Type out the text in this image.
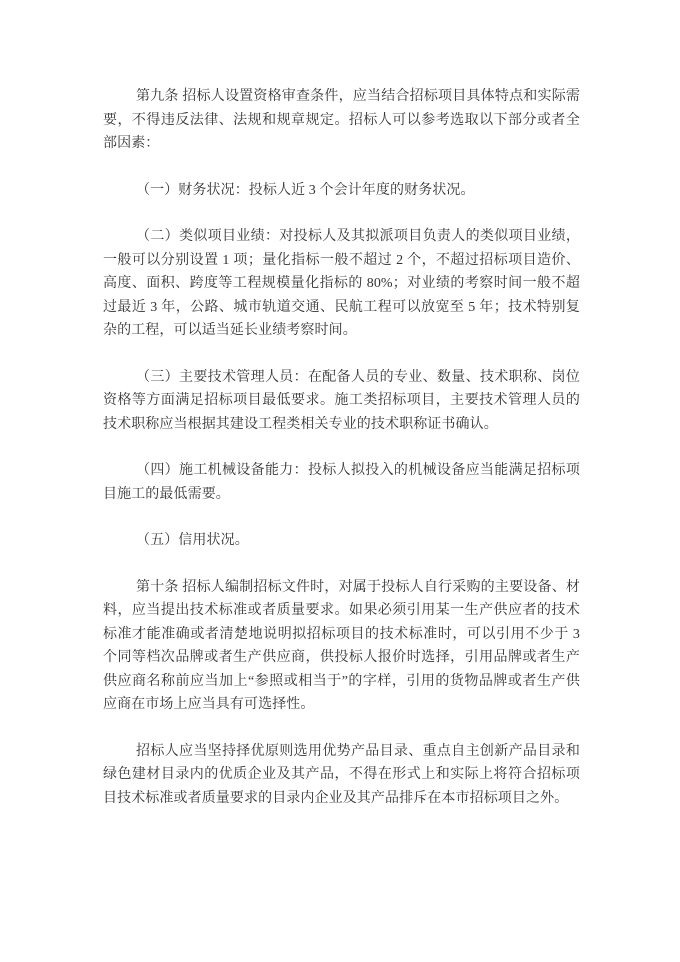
第九条 招标人设置资格审查条件，应当结合招标项目具体特点和实际需要，不得违反法律、法规和规章规定。招标人可以参考选取以下部分或者全部因素：

（一）财务状况：投标人近 3 个会计年度的财务状况。

（二）类似项目业绩：对投标人及其拟派项目负责人的类似项目业绩，一般可以分别设置 1 项；量化指标一般不超过 2 个，不超过招标项目造价、高度、面积、跨度等工程规模量化指标的 80%；对业绩的考察时间一般不超过最近 3 年，公路、城市轨道交通、民航工程可以放宽至 5 年；技术特别复杂的工程，可以适当延长业绩考察时间。

（三）主要技术管理人员：在配备人员的专业、数量、技术职称、岗位资格等方面满足招标项目最低要求。施工类招标项目，主要技术管理人员的技术职称应当根据其建设工程类相关专业的技术职称证书确认。

（四）施工机械设备能力：投标人拟投入的机械设备应当能满足招标项目施工的最低需要。

（五）信用状况。

第十条 招标人编制招标文件时，对属于投标人自行采购的主要设备、材料，应当提出技术标准或者质量要求。如果必须引用某一生产供应者的技术标准才能准确或者清楚地说明拟招标项目的技术标准时，可以引用不少于 3 个同等档次品牌或者生产供应商，供投标人报价时选择，引用品牌或者生产供应商名称前应当加上“参照或相当于”的字样，引用的货物品牌或者生产供应商在市场上应当具有可选择性。

招标人应当坚持择优原则选用优势产品目录、重点自主创新产品目录和绿色建材目录内的优质企业及其产品，不得在形式上和实际上将符合招标项目技术标准或者质量要求的目录内企业及其产品排斥在本市招标项目之外。
